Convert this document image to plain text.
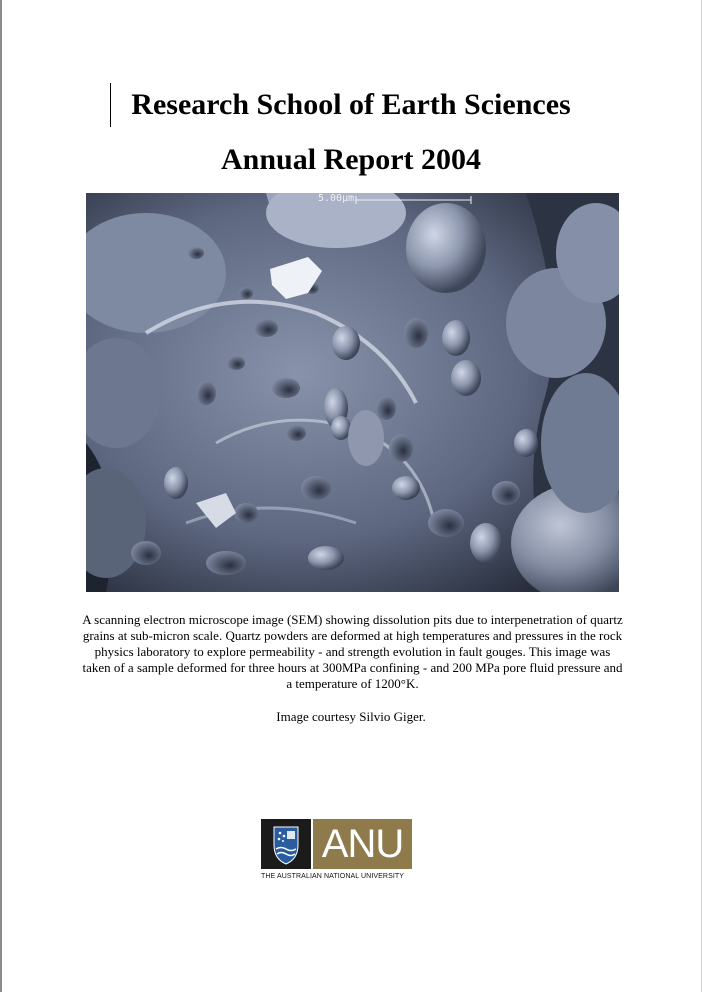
Research School of Earth Sciences
Annual Report 2004
5.00μm

A scanning electron microscope image (SEM) showing dissolution pits due to interpenetration of quartz grains at sub-micron scale. Quartz powders are deformed at high temperatures and pressures in the rock physics laboratory to explore permeability - and strength evolution in fault gouges. This image was taken of a sample deformed for three hours at 300MPa confining - and 200 MPa pore fluid pressure and a temperature of 1200°K.

Image courtesy Silvio Giger.

ANU
THE AUSTRALIAN NATIONAL UNIVERSITY
